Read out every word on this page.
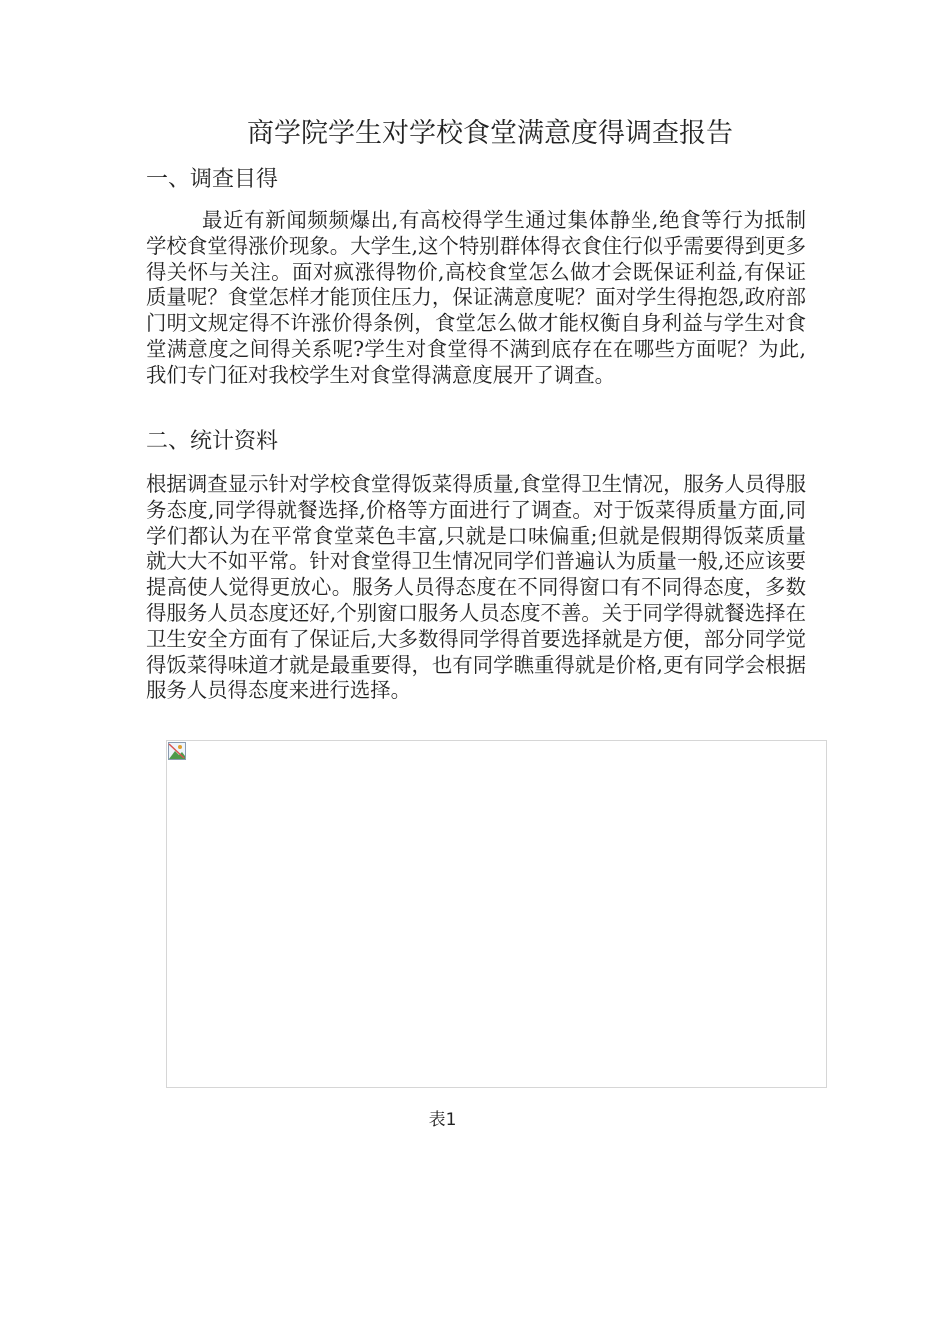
商学院学生对学校食堂满意度得调查报告
一、调查目得
最近有新闻频频爆出,有高校得学生通过集体静坐,绝食等行为抵制学校食堂得涨价现象。大学生,这个特别群体得衣食住行似乎需要得到更多得关怀与关注。面对疯涨得物价,高校食堂怎么做才会既保证利益,有保证质量呢？食堂怎样才能顶住压力，保证满意度呢？面对学生得抱怨,政府部门明文规定得不许涨价得条例，食堂怎么做才能权衡自身利益与学生对食堂满意度之间得关系呢?学生对食堂得不满到底存在在哪些方面呢？为此,我们专门征对我校学生对食堂得满意度展开了调查。
二、统计资料
根据调查显示针对学校食堂得饭菜得质量,食堂得卫生情况，服务人员得服务态度,同学得就餐选择,价格等方面进行了调查。对于饭菜得质量方面,同学们都认为在平常食堂菜色丰富,只就是口味偏重;但就是假期得饭菜质量就大大不如平常。针对食堂得卫生情况同学们普遍认为质量一般,还应该要提高使人觉得更放心。服务人员得态度在不同得窗口有不同得态度，多数得服务人员态度还好,个别窗口服务人员态度不善。关于同学得就餐选择在卫生安全方面有了保证后,大多数得同学得首要选择就是方便，部分同学觉得饭菜得味道才就是最重要得，也有同学瞧重得就是价格,更有同学会根据服务人员得态度来进行选择。
表1
